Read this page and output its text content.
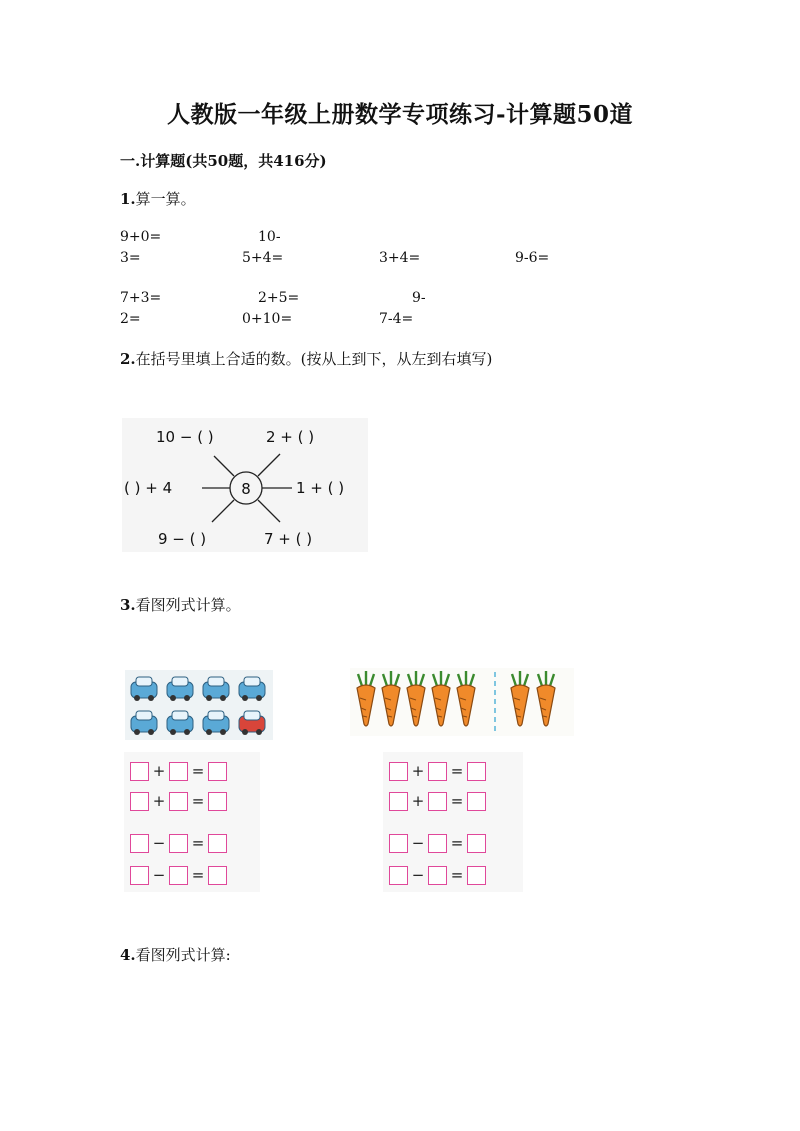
人教版一年级上册数学专项练习-计算题50道
一.计算题(共50题，共416分)
1.算一算。
9+0=	10-
3=	5+4=	3+4=	9-6=
7+3=	2+5=	9-
2=	0+10=	7-4=
2.在括号里填上合适的数。(按从上到下，从左到右填写)
8
10 − ( )	2 + ( )
( ) + 4	1 + ( )
9 − ( )	7 + ( )
3.看图列式计算。
+ =
+ =
− =
− =
+ =
+ =
− =
− =
4.看图列式计算:
